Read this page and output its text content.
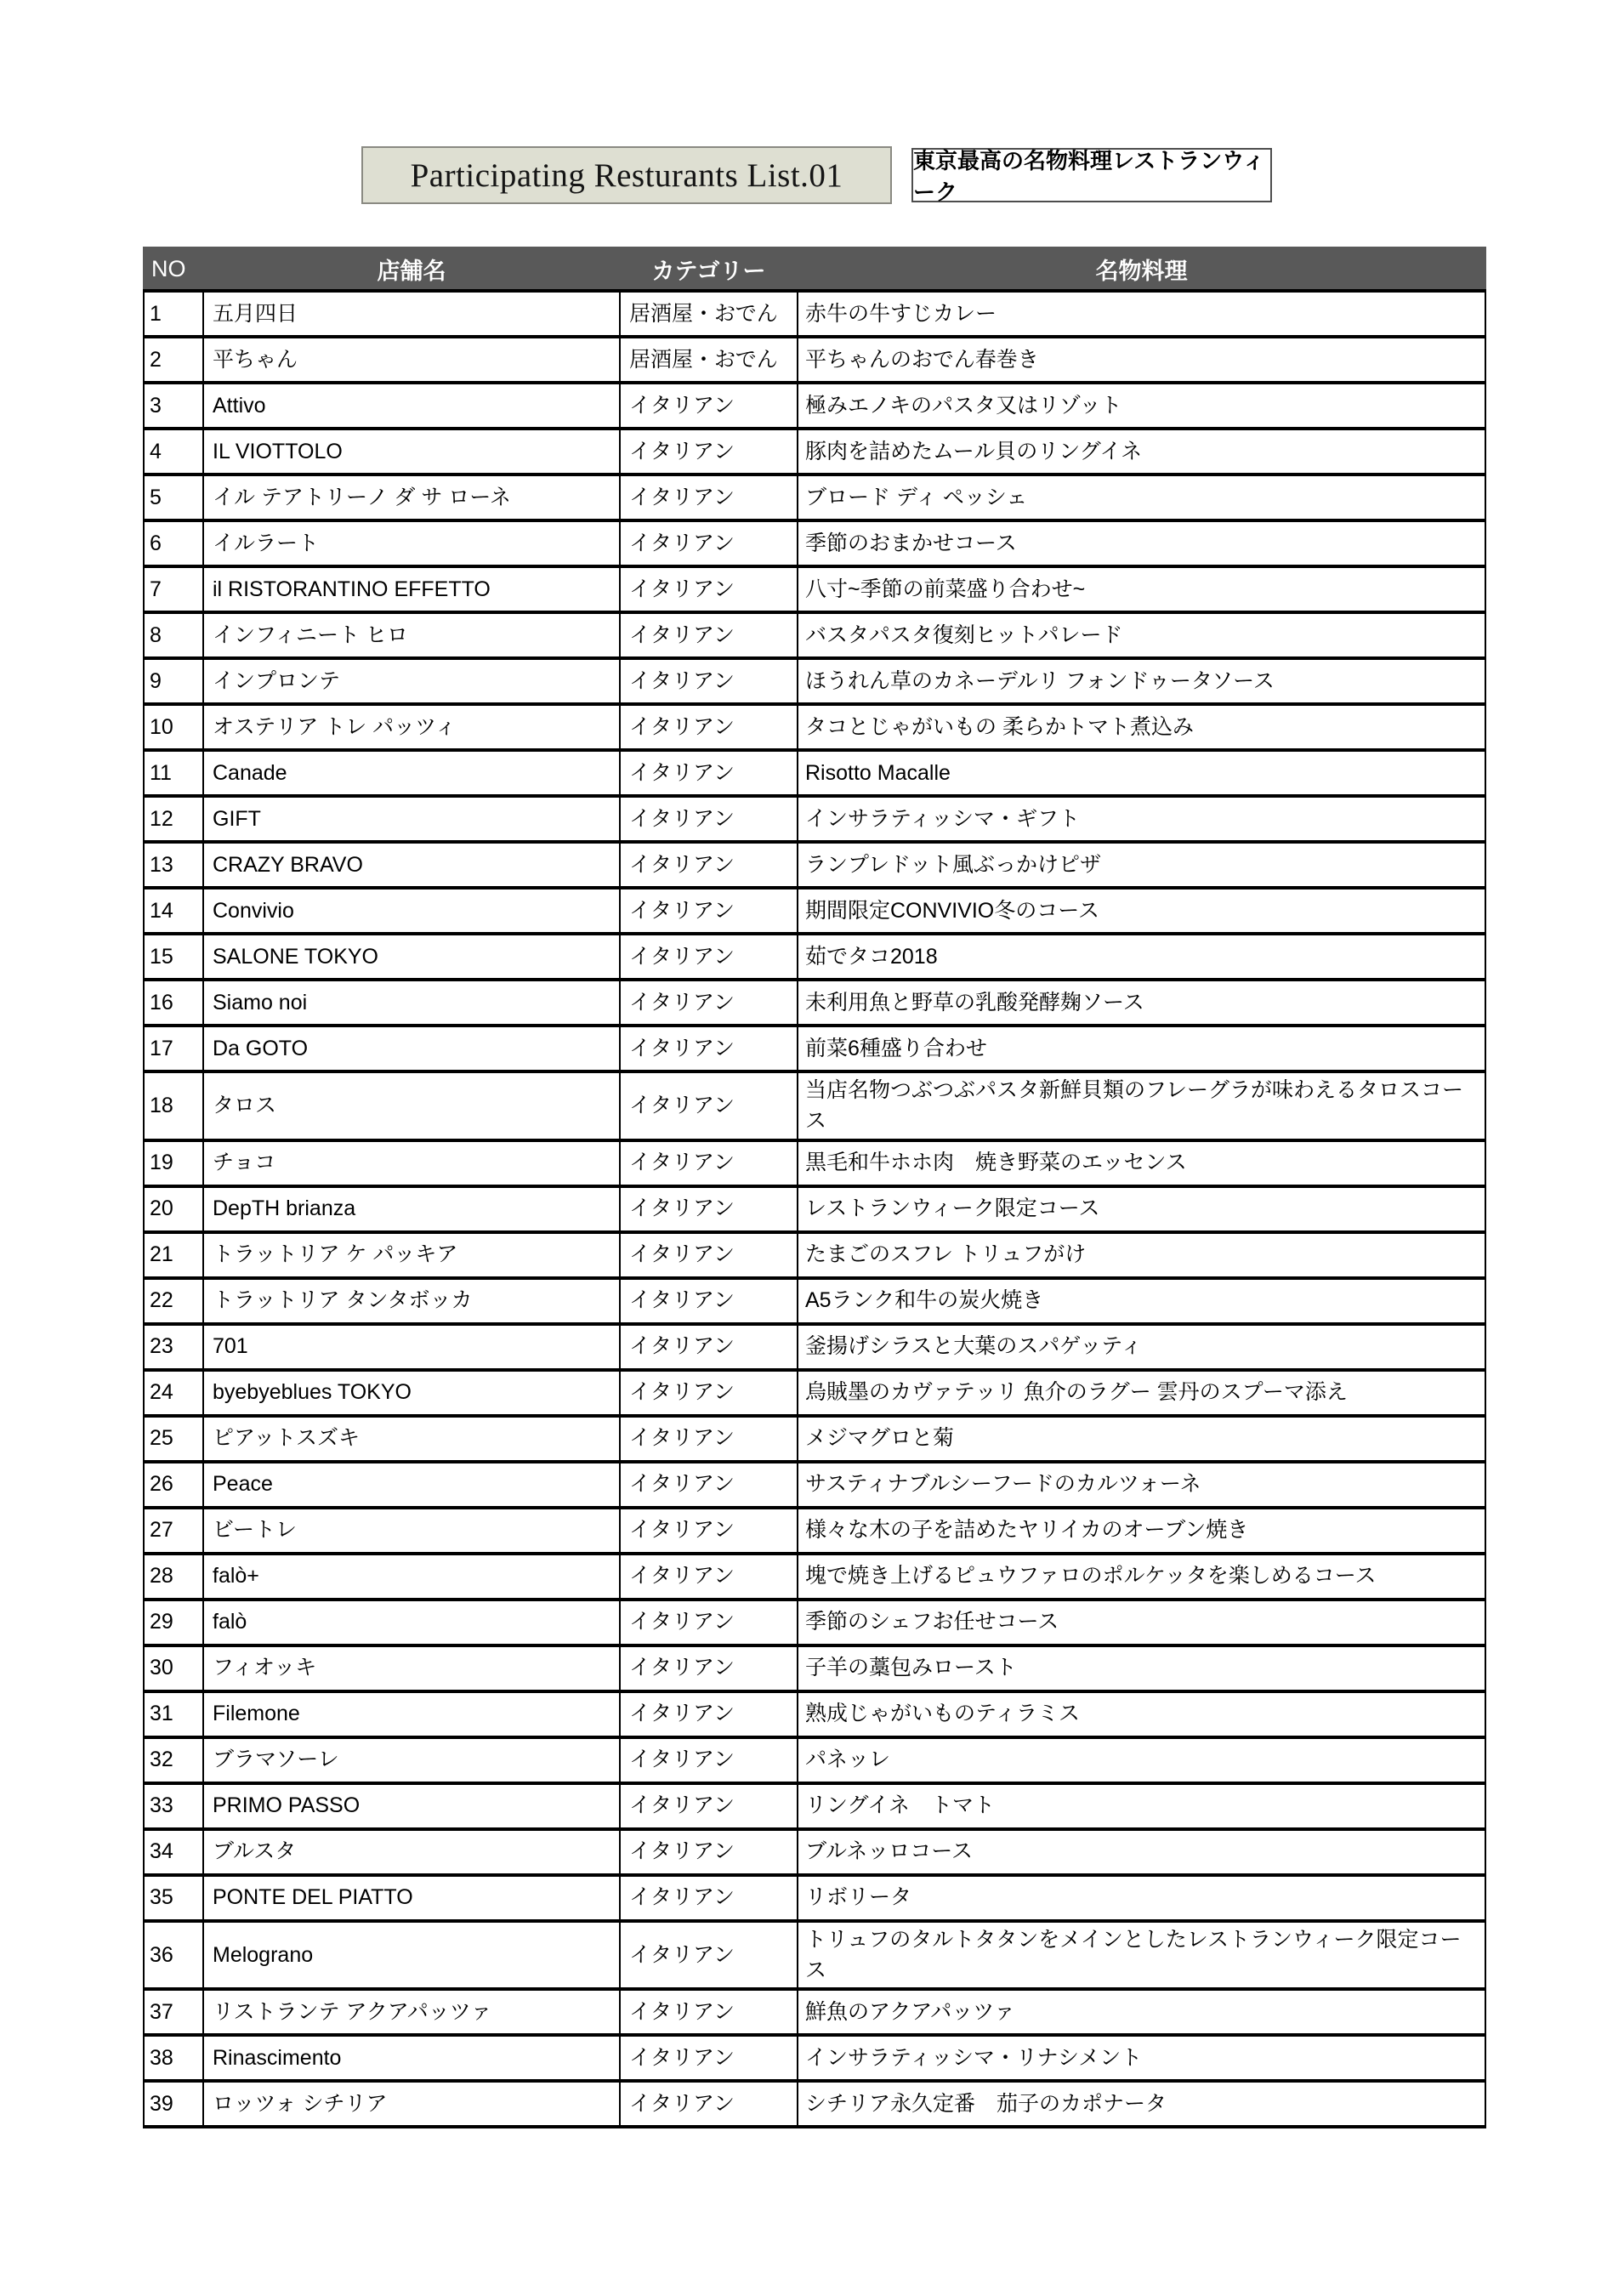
Participating Resturants List.01	東京最高の名物料理レストランウィーク
NO	店舗名	カテゴリー	名物料理
1	五月四日	居酒屋・おでん	赤牛の牛すじカレー
2	平ちゃん	居酒屋・おでん	平ちゃんのおでん春巻き
3	Attivo	イタリアン	極みエノキのパスタ又はリゾット
4	IL VIOTTOLO	イタリアン	豚肉を詰めたムール貝のリングイネ
5	イル テアトリーノ ダ サ ローネ	イタリアン	ブロード ディ ペッシェ
6	イルラート	イタリアン	季節のおまかせコース
7	il RISTORANTINO EFFETTO	イタリアン	八寸~季節の前菜盛り合わせ~
8	インフィニート ヒロ	イタリアン	バスタパスタ復刻ヒットパレード
9	インプロンテ	イタリアン	ほうれん草のカネーデルリ フォンドゥータソース
10	オステリア トレ パッツィ	イタリアン	タコとじゃがいもの 柔らかトマト煮込み
11	Canade	イタリアン	Risotto Macalle
12	GIFT	イタリアン	インサラティッシマ・ギフト
13	CRAZY BRAVO	イタリアン	ランプレドット風ぶっかけピザ
14	Convivio	イタリアン	期間限定CONVIVIO冬のコース
15	SALONE TOKYO	イタリアン	茹でタコ2018
16	Siamo noi	イタリアン	未利用魚と野草の乳酸発酵麹ソース
17	Da GOTO	イタリアン	前菜6種盛り合わせ
18	タロス	イタリアン	当店名物つぶつぶパスタ新鮮貝類のフレーグラが味わえるタロスコース
19	チョコ	イタリアン	黒毛和牛ホホ肉　焼き野菜のエッセンス
20	DepTH brianza	イタリアン	レストランウィーク限定コース
21	トラットリア ケ パッキア	イタリアン	たまごのスフレ トリュフがけ
22	トラットリア タンタボッカ	イタリアン	A5ランク和牛の炭火焼き
23	701	イタリアン	釜揚げシラスと大葉のスパゲッティ
24	byebyeblues TOKYO	イタリアン	烏賊墨のカヴァテッリ 魚介のラグー 雲丹のスプーマ添え
25	ピアットスズキ	イタリアン	メジマグロと菊
26	Peace	イタリアン	サスティナブルシーフードのカルツォーネ
27	ビートレ	イタリアン	様々な木の子を詰めたヤリイカのオーブン焼き
28	falò+	イタリアン	塊で焼き上げるピュウファロのポルケッタを楽しめるコース
29	falò	イタリアン	季節のシェフお任せコース
30	フィオッキ	イタリアン	子羊の藁包みロースト
31	Filemone	イタリアン	熟成じゃがいものティラミス
32	ブラマソーレ	イタリアン	パネッレ
33	PRIMO PASSO	イタリアン	リングイネ　トマト
34	ブルスタ	イタリアン	ブルネッロコース
35	PONTE DEL PIATTO	イタリアン	リボリータ
36	Melograno	イタリアン	トリュフのタルトタタンをメインとしたレストランウィーク限定コース
37	リストランテ アクアパッツァ	イタリアン	鮮魚のアクアパッツァ
38	Rinascimento	イタリアン	インサラティッシマ・リナシメント
39	ロッツォ シチリア	イタリアン	シチリア永久定番　茄子のカポナータ
